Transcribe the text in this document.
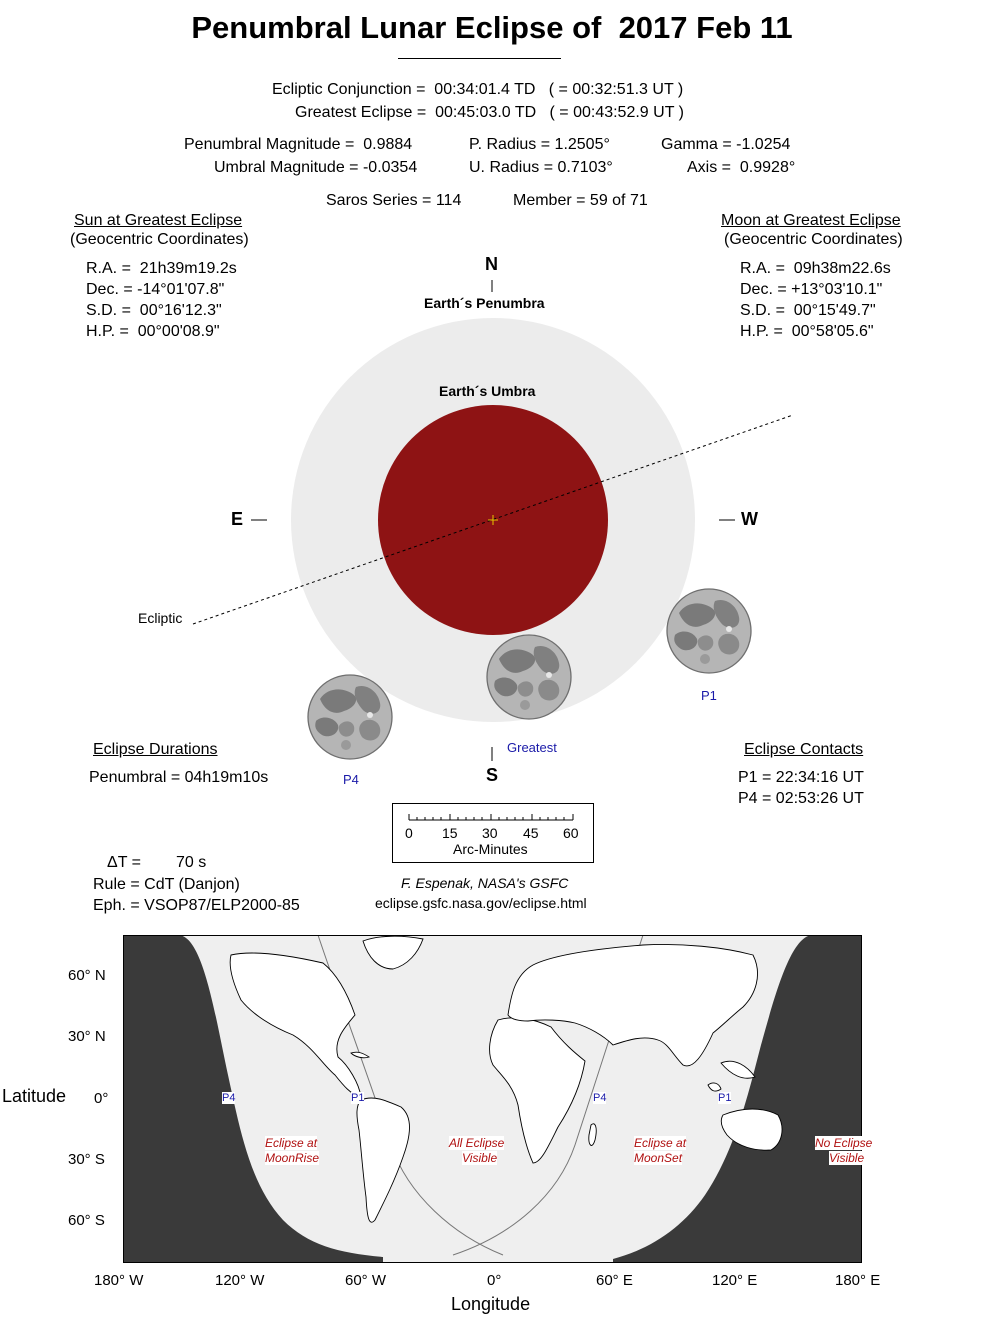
Penumbral Lunar Eclipse of  2017 Feb 11
Ecliptic Conjunction =  00:34:01.4 TD   ( = 00:32:51.3 UT )
Greatest Eclipse =  00:45:03.0 TD   ( = 00:43:52.9 UT )
Penumbral Magnitude =  0.9884
Umbral Magnitude = -0.0354
P. Radius = 1.2505°
U. Radius = 0.7103°
Gamma = -1.0254
Axis =  0.9928°
Saros Series = 114	Member = 59 of 71
Sun at Greatest Eclipse
(Geocentric Coordinates)
R.A. =  21h39m19.2s
Dec. = -14°01'07.8"
S.D. =  00°16'12.3"
H.P. =  00°00'08.9"
Moon at Greatest Eclipse
(Geocentric Coordinates)
R.A. =  09h38m22.6s
Dec. = +13°03'10.1"
S.D. =  00°15'49.7"
H.P. =  00°58'05.6"
N
S
E	W
Earth´s Penumbra
Earth´s Umbra
Ecliptic
Greatest
P1
P4
Eclipse Durations
Penumbral = 04h19m10s
Eclipse Contacts
P1 = 22:34:16 UT
P4 = 02:53:26 UT

0

15

30

45

60

Arc-Minutes

ΔT = 70 s
Rule = CdT (Danjon)
Eph. = VSOP87/ELP2000-85
F. Espenak, NASA's GSFC
eclipse.gsfc.nasa.gov/eclipse.html
P4	P1	P4	P1
Eclipse at
MoonRise
All Eclipse
Visible
Eclipse at
MoonSet
No Eclipse
Visible
Latitude
60° N
30° N
0°
30° S
60° S
180° W	120° W	60° W	0°	60° E	120° E	180° E
Longitude
